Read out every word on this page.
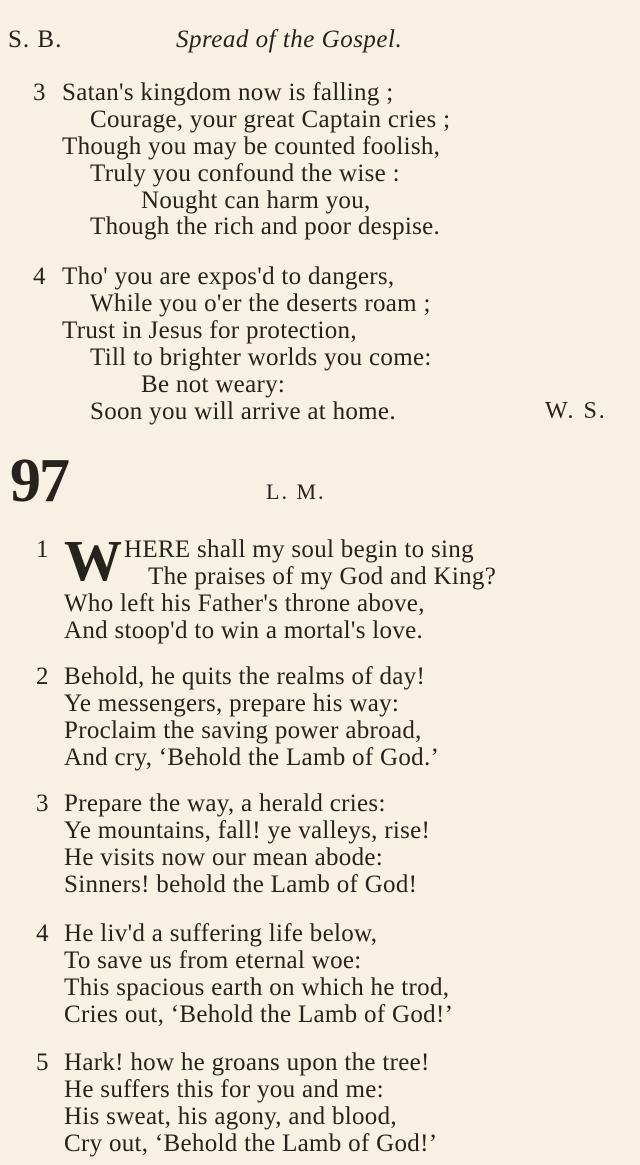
S. B.	Spread of the Gospel.
3 Satan's kingdom now is falling ;
Courage, your great Captain cries ;
Though you may be counted foolish,
Truly you confound the wise :
Nought can harm you,
Though the rich and poor despise.
4 Tho' you are expos'd to dangers,
While you o'er the deserts roam ;
Trust in Jesus for protection,
Till to brighter worlds you come:
Be not weary:
Soon you will arrive at home.	W. S.
97	L. M.
1 W HERE shall my soul begin to sing
The praises of my God and King?
Who left his Father's throne above,
And stoop'd to win a mortal's love.
2 Behold, he quits the realms of day!
Ye messengers, prepare his way:
Proclaim the saving power abroad,
And cry, ‘Behold the Lamb of God.’
3 Prepare the way, a herald cries:
Ye mountains, fall! ye valleys, rise!
He visits now our mean abode:
Sinners! behold the Lamb of God!
4 He liv'd a suffering life below,
To save us from eternal woe:
This spacious earth on which he trod,
Cries out, ‘Behold the Lamb of God!’
5 Hark! how he groans upon the tree!
He suffers this for you and me:
His sweat, his agony, and blood,
Cry out, ‘Behold the Lamb of God!’
